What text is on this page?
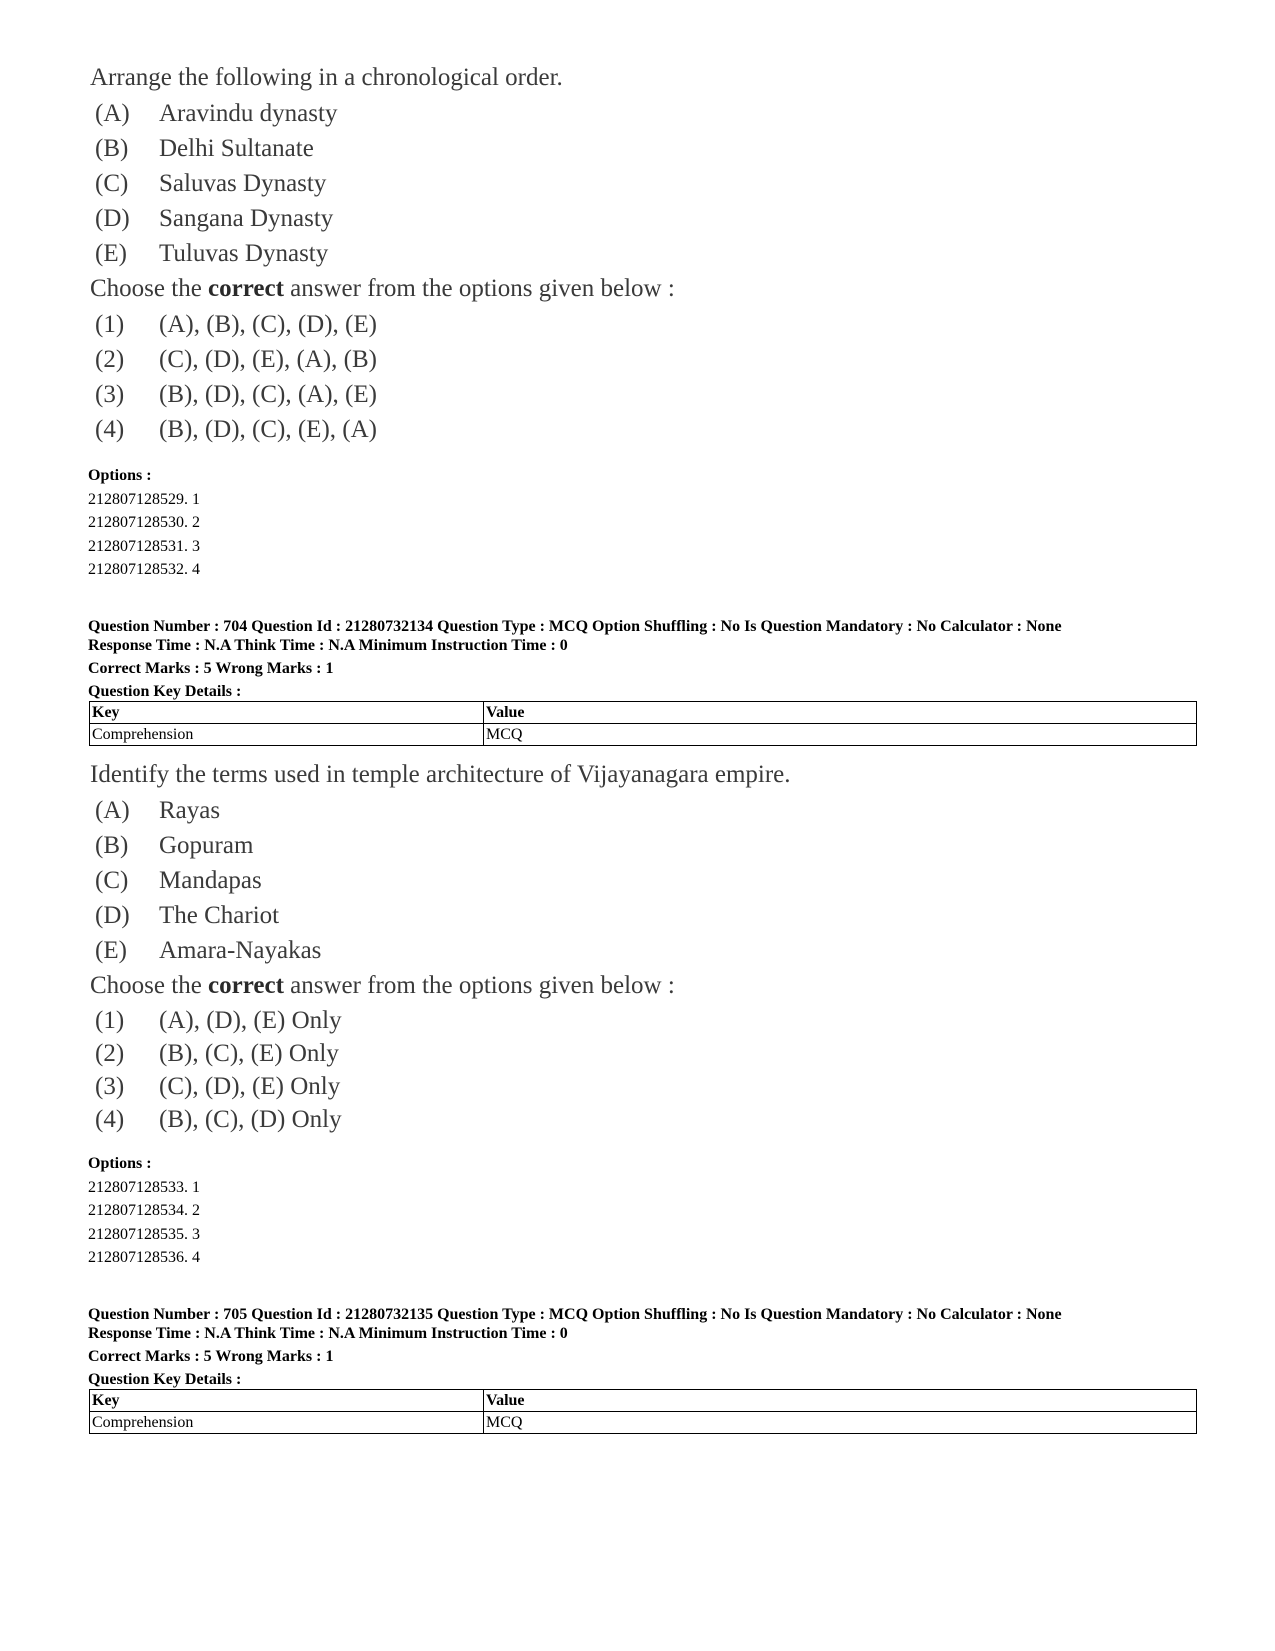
Arrange the following in a chronological order.

(A)	Aravindu dynasty
(B)	Delhi Sultanate
(C)	Saluvas Dynasty
(D)	Sangana Dynasty
(E)	Tuluvas Dynasty

Choose the correct answer from the options given below :

(1)	(A), (B), (C), (D), (E)
(2)	(C), (D), (E), (A), (B)
(3)	(B), (D), (C), (A), (E)
(4)	(B), (D), (C), (E), (A)
Options :
212807128529. 1
212807128530. 2
212807128531. 3
212807128532. 4
Question Number : 704 Question Id : 21280732134 Question Type : MCQ Option Shuffling : No Is Question Mandatory : No Calculator : None
Response Time : N.A Think Time : N.A Minimum Instruction Time : 0
Correct Marks : 5 Wrong Marks : 1
Question Key Details :
Key	Value
Comprehension	MCQ

Identify the terms used in temple architecture of Vijayanagara empire.

(A)	Rayas
(B)	Gopuram
(C)	Mandapas
(D)	The Chariot
(E)	Amara-Nayakas

Choose the correct answer from the options given below :

(1)	(A), (D), (E) Only
(2)	(B), (C), (E) Only
(3)	(C), (D), (E) Only
(4)	(B), (C), (D) Only
Options :
212807128533. 1
212807128534. 2
212807128535. 3
212807128536. 4
Question Number : 705 Question Id : 21280732135 Question Type : MCQ Option Shuffling : No Is Question Mandatory : No Calculator : None
Response Time : N.A Think Time : N.A Minimum Instruction Time : 0
Correct Marks : 5 Wrong Marks : 1
Question Key Details :
Key	Value
Comprehension	MCQ
